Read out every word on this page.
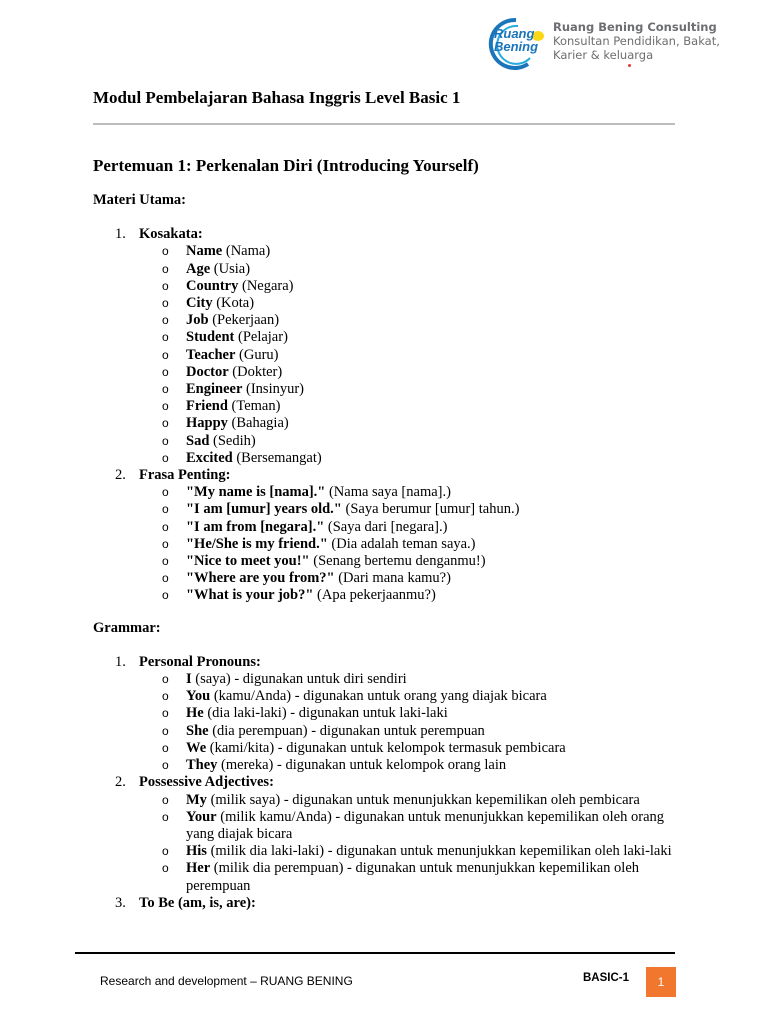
Ruang
Bening
Ruang Bening Consulting
Konsultan Pendidikan, Bakat, Karier & keluarga
Modul Pembelajaran Bahasa Inggris Level Basic 1
Pertemuan 1: Perkenalan Diri (Introducing Yourself)
Materi Utama:
1. Kosakata:
o Name (Nama)
o Age (Usia)
o Country (Negara)
o City (Kota)
o Job (Pekerjaan)
o Student (Pelajar)
o Teacher (Guru)
o Doctor (Dokter)
o Engineer (Insinyur)
o Friend (Teman)
o Happy (Bahagia)
o Sad (Sedih)
o Excited (Bersemangat)
2. Frasa Penting:
o "My name is [nama]." (Nama saya [nama].)
o "I am [umur] years old." (Saya berumur [umur] tahun.)
o "I am from [negara]." (Saya dari [negara].)
o "He/She is my friend." (Dia adalah teman saya.)
o "Nice to meet you!" (Senang bertemu denganmu!)
o "Where are you from?" (Dari mana kamu?)
o "What is your job?" (Apa pekerjaanmu?)
Grammar:
1. Personal Pronouns:
o I (saya) - digunakan untuk diri sendiri
o You (kamu/Anda) - digunakan untuk orang yang diajak bicara
o He (dia laki-laki) - digunakan untuk laki-laki
o She (dia perempuan) - digunakan untuk perempuan
o We (kami/kita) - digunakan untuk kelompok termasuk pembicara
o They (mereka) - digunakan untuk kelompok orang lain
2. Possessive Adjectives:
o My (milik saya) - digunakan untuk menunjukkan kepemilikan oleh pembicara
o Your (milik kamu/Anda) - digunakan untuk menunjukkan kepemilikan oleh orang yang diajak bicara
o His (milik dia laki-laki) - digunakan untuk menunjukkan kepemilikan oleh laki-laki
o Her (milik dia perempuan) - digunakan untuk menunjukkan kepemilikan oleh perempuan
3. To Be (am, is, are):
Research and development – RUANG BENING	BASIC-1	1
